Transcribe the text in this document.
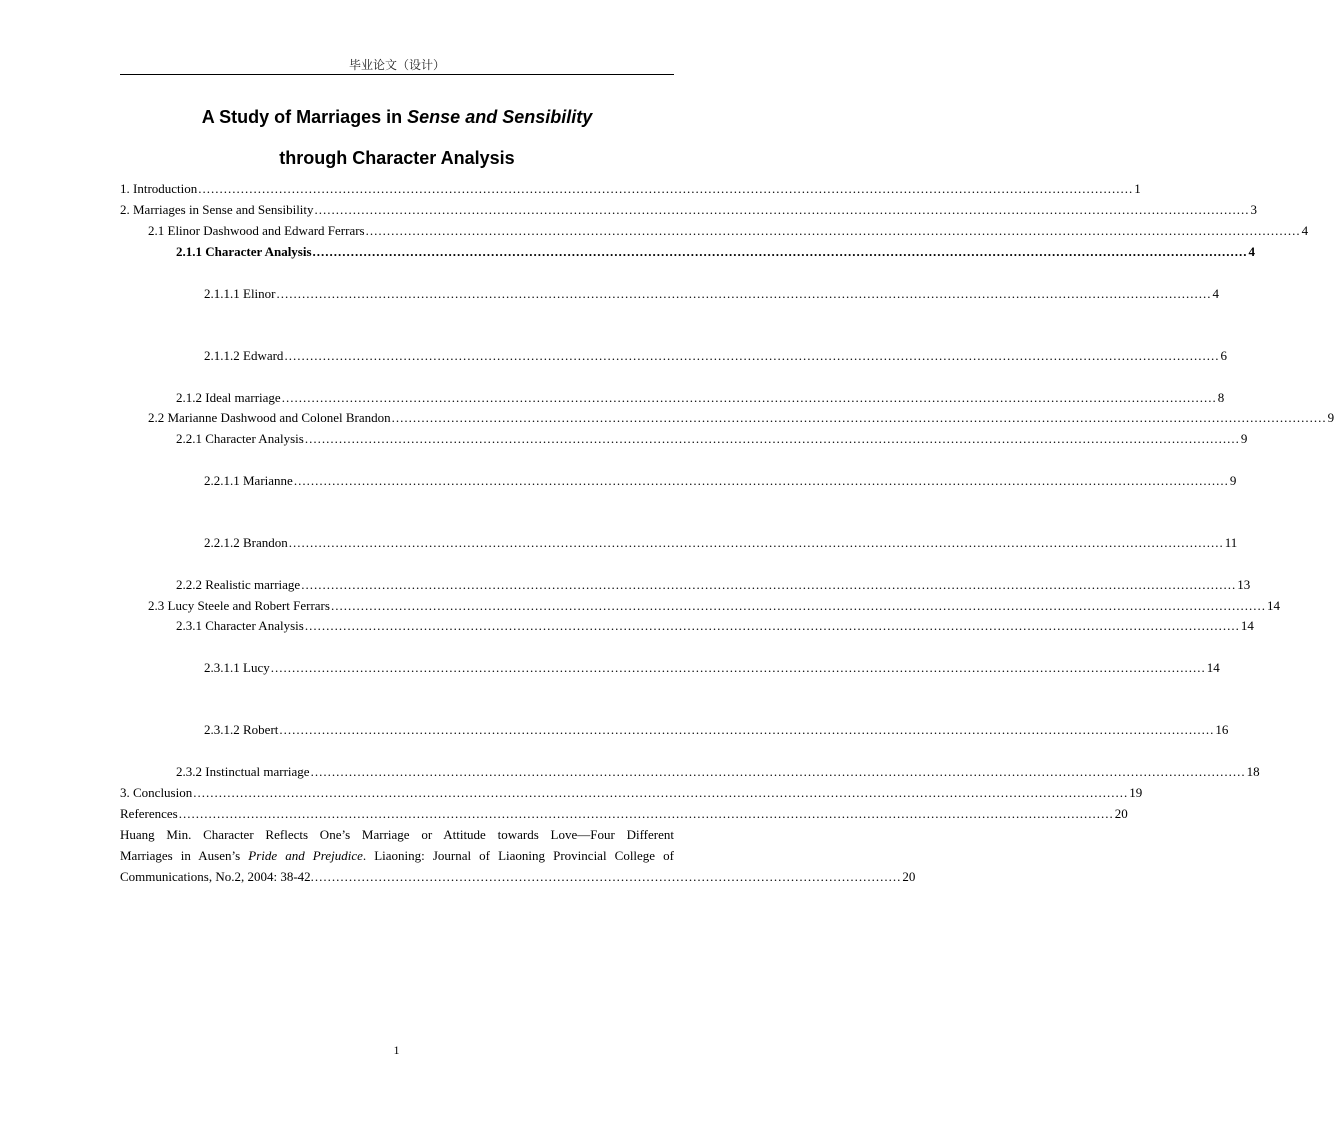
毕业论文（设计）
A Study of Marriages in Sense and Sensibility
through Character Analysis
1. Introduction ............................................................................................................................................................................................................................ 1
2. Marriages in Sense and Sensibility ............................................................................................................................................................................................................................ 3
2.1 Elinor Dashwood and Edward Ferrars ............................................................................................................................................................................................................................ 4
2.1.1 Character Analysis ............................................................................................................................................................................................................................ 4
2.1.1.1 Elinor ............................................................................................................................................................................................................................ 4
2.1.1.2 Edward ............................................................................................................................................................................................................................ 6
2.1.2 Ideal marriage ............................................................................................................................................................................................................................ 8
2.2 Marianne Dashwood and Colonel Brandon ............................................................................................................................................................................................................................ 9
2.2.1 Character Analysis ............................................................................................................................................................................................................................ 9
2.2.1.1 Marianne ............................................................................................................................................................................................................................ 9
2.2.1.2 Brandon ............................................................................................................................................................................................................................ 11
2.2.2 Realistic marriage ............................................................................................................................................................................................................................ 13
2.3 Lucy Steele and Robert Ferrars ............................................................................................................................................................................................................................ 14
2.3.1 Character Analysis ............................................................................................................................................................................................................................ 14
2.3.1.1 Lucy ............................................................................................................................................................................................................................ 14
2.3.1.2 Robert ............................................................................................................................................................................................................................ 16
2.3.2 Instinctual marriage ............................................................................................................................................................................................................................ 18
3. Conclusion ............................................................................................................................................................................................................................ 19
References ............................................................................................................................................................................................................................ 20
Huang Min. Character Reflects One’s Marriage or Attitude towards Love—Four Different
Marriages in Ausen’s Pride and Prejudice. Liaoning: Journal of Liaoning Provincial College of
Communications, No.2, 2004: 38-42. .......................................................................................................................................... 20
1
